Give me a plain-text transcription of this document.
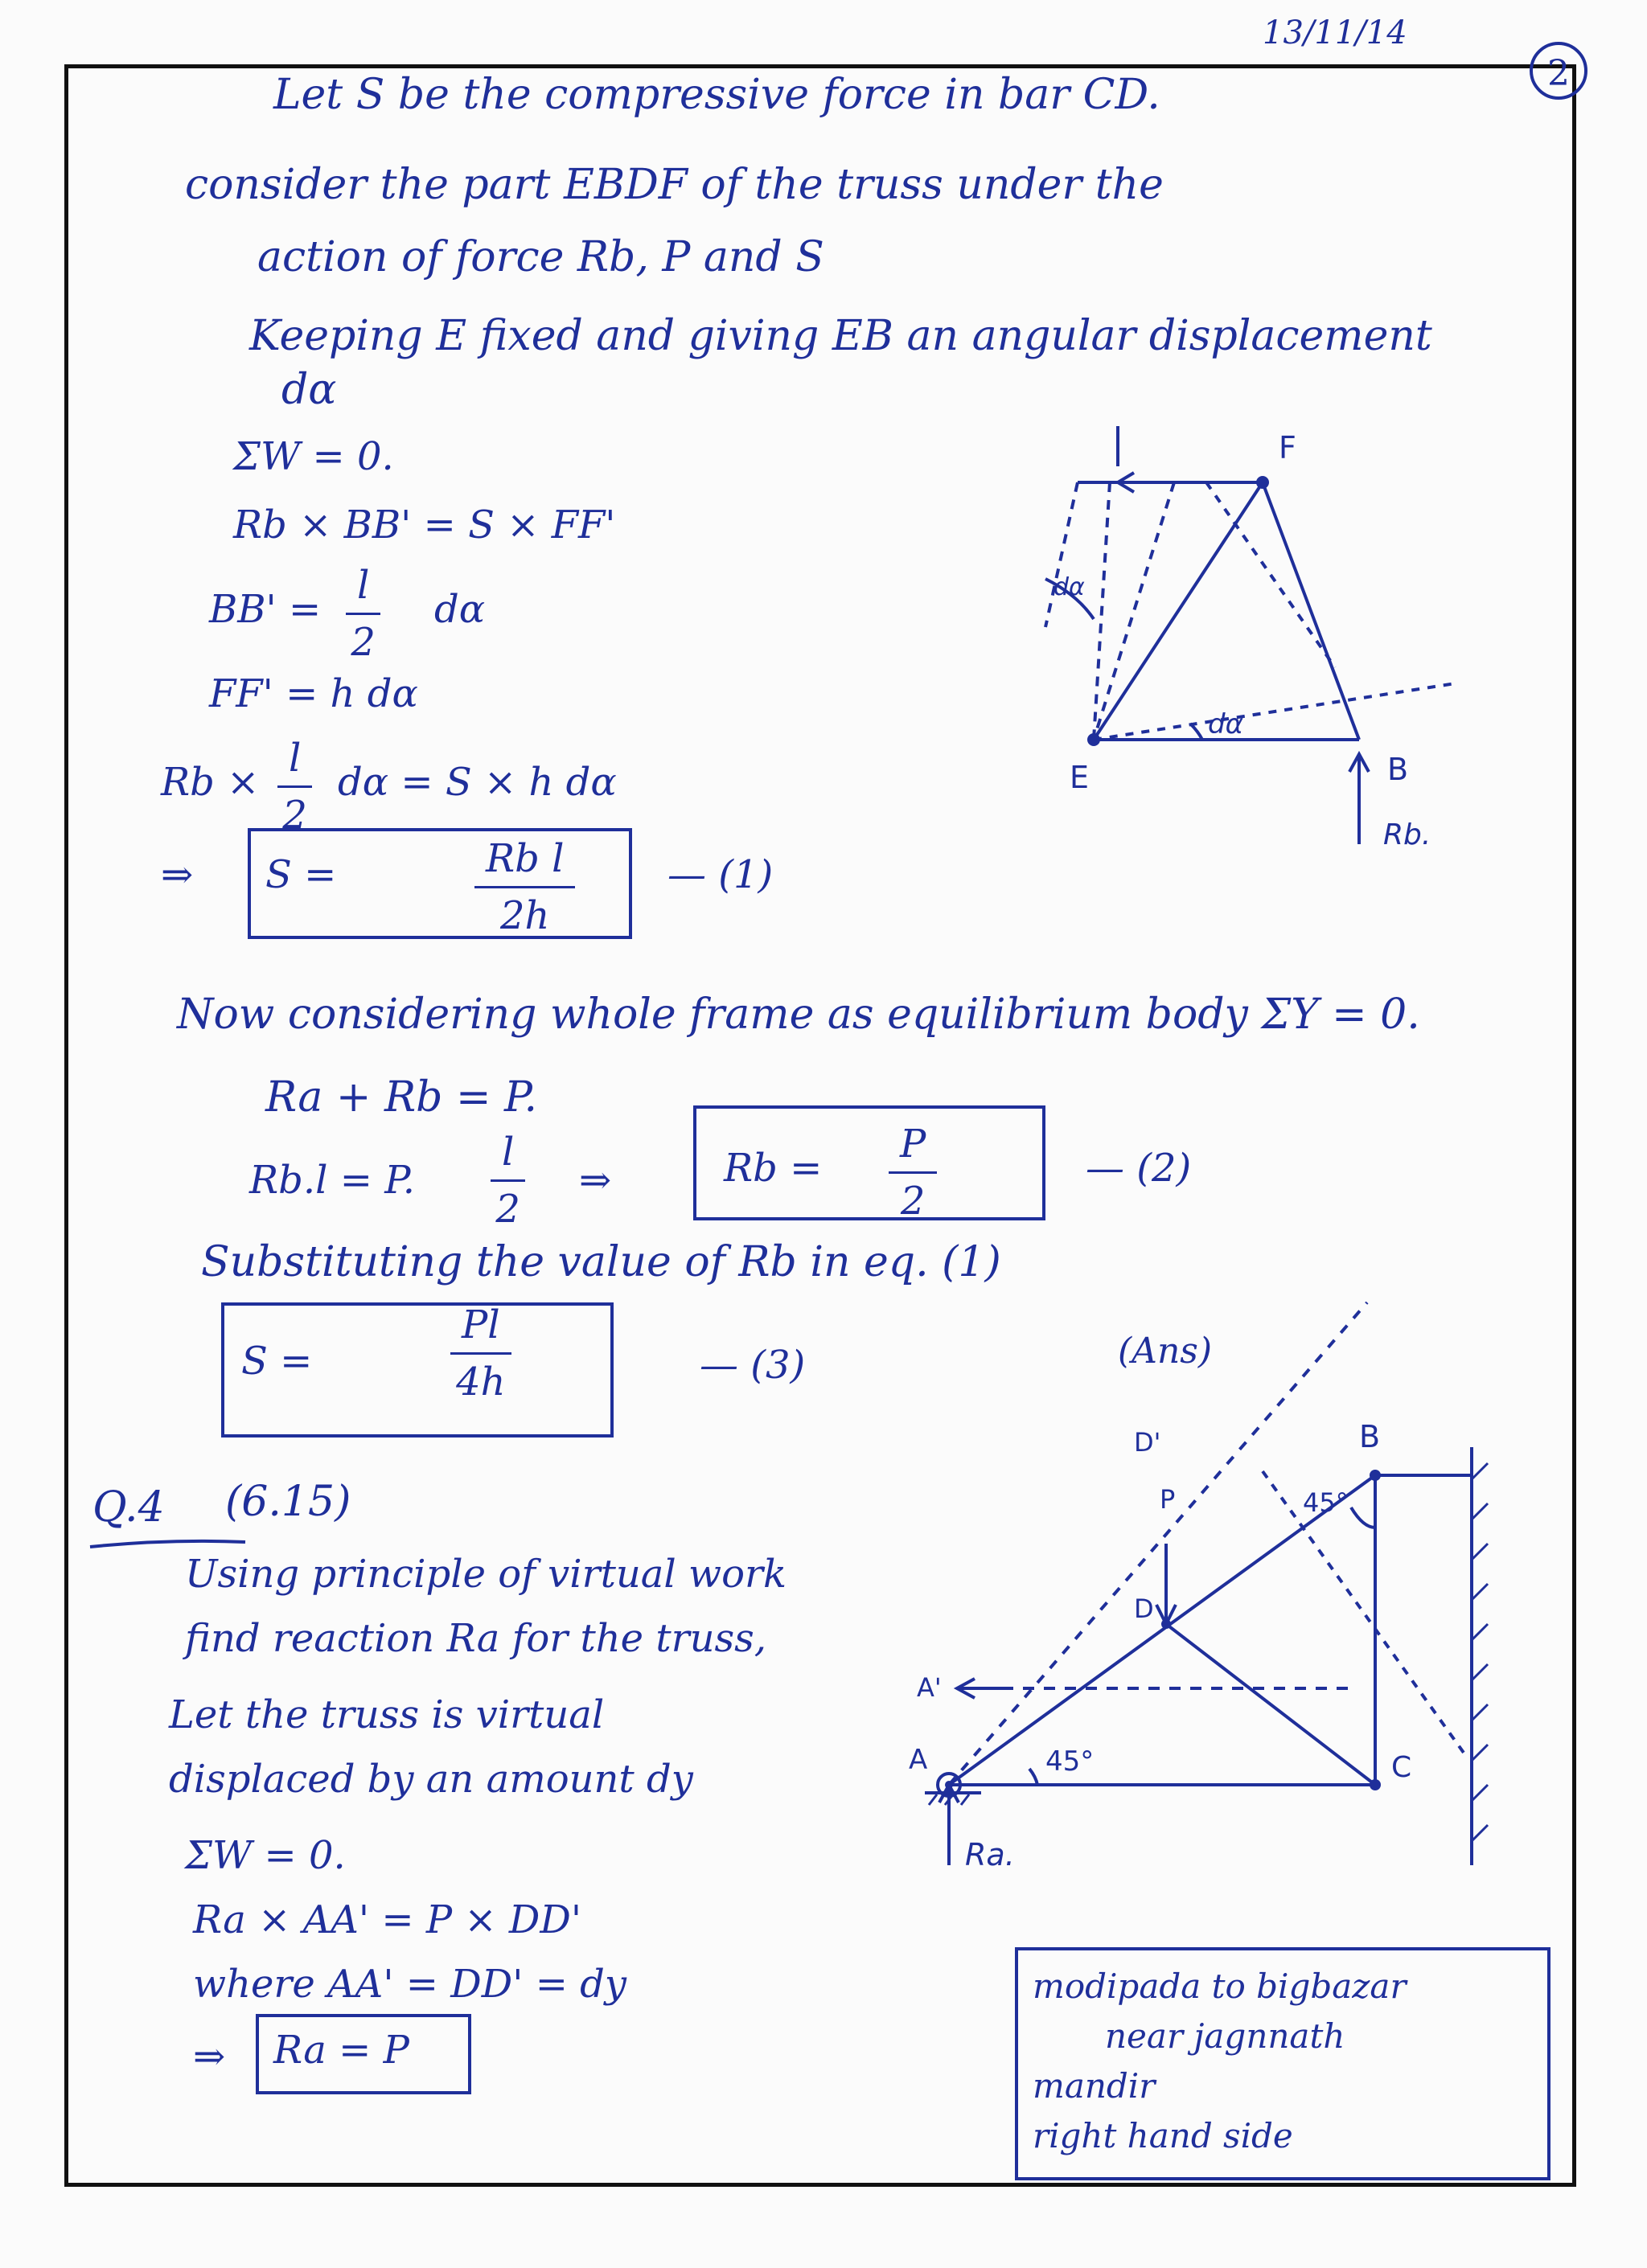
13/11/14
2
Let S be the compressive force in bar CD.
consider the part EBDF of the truss under the
action of force Rb, P and S
Keeping E fixed and giving EB an angular displacement
dα
ΣW = 0.
Rb × BB' = S × FF'
$BB' = \frac{l}{2}$ dα
FF' = h dα
$Rb \times \frac{l}{2}$ dα = S × h dα
⇒ S =	$\frac{\text{Rb l}}{2h}$ — (1)
Now considering whole frame as equilibrium body ΣY = 0.
Ra + Rb = P.
Rb.l = P. $\frac{l}{2}$ ⇒	$Rb = \frac{P}{2}$	— (2)
Substituting the value of Rb in eq. (1)
S =	$\frac{Pl}{4h}$	— (3)	(Ans)
Q.4 (6.15)
Using principle of virtual work
find reaction Ra for the truss,
Let the truss is virtual
displaced by an amount dy
ΣW = 0.
Ra × AA' = P × DD'
where AA' = DD' = dy
⇒ Ra = P
F
E	B
Rb.
dα
dα
B
D'
P
D
A'
A	C
Ra.
45°
45°
modipada to bigbazar
near jagnnath
mandir
right hand side
